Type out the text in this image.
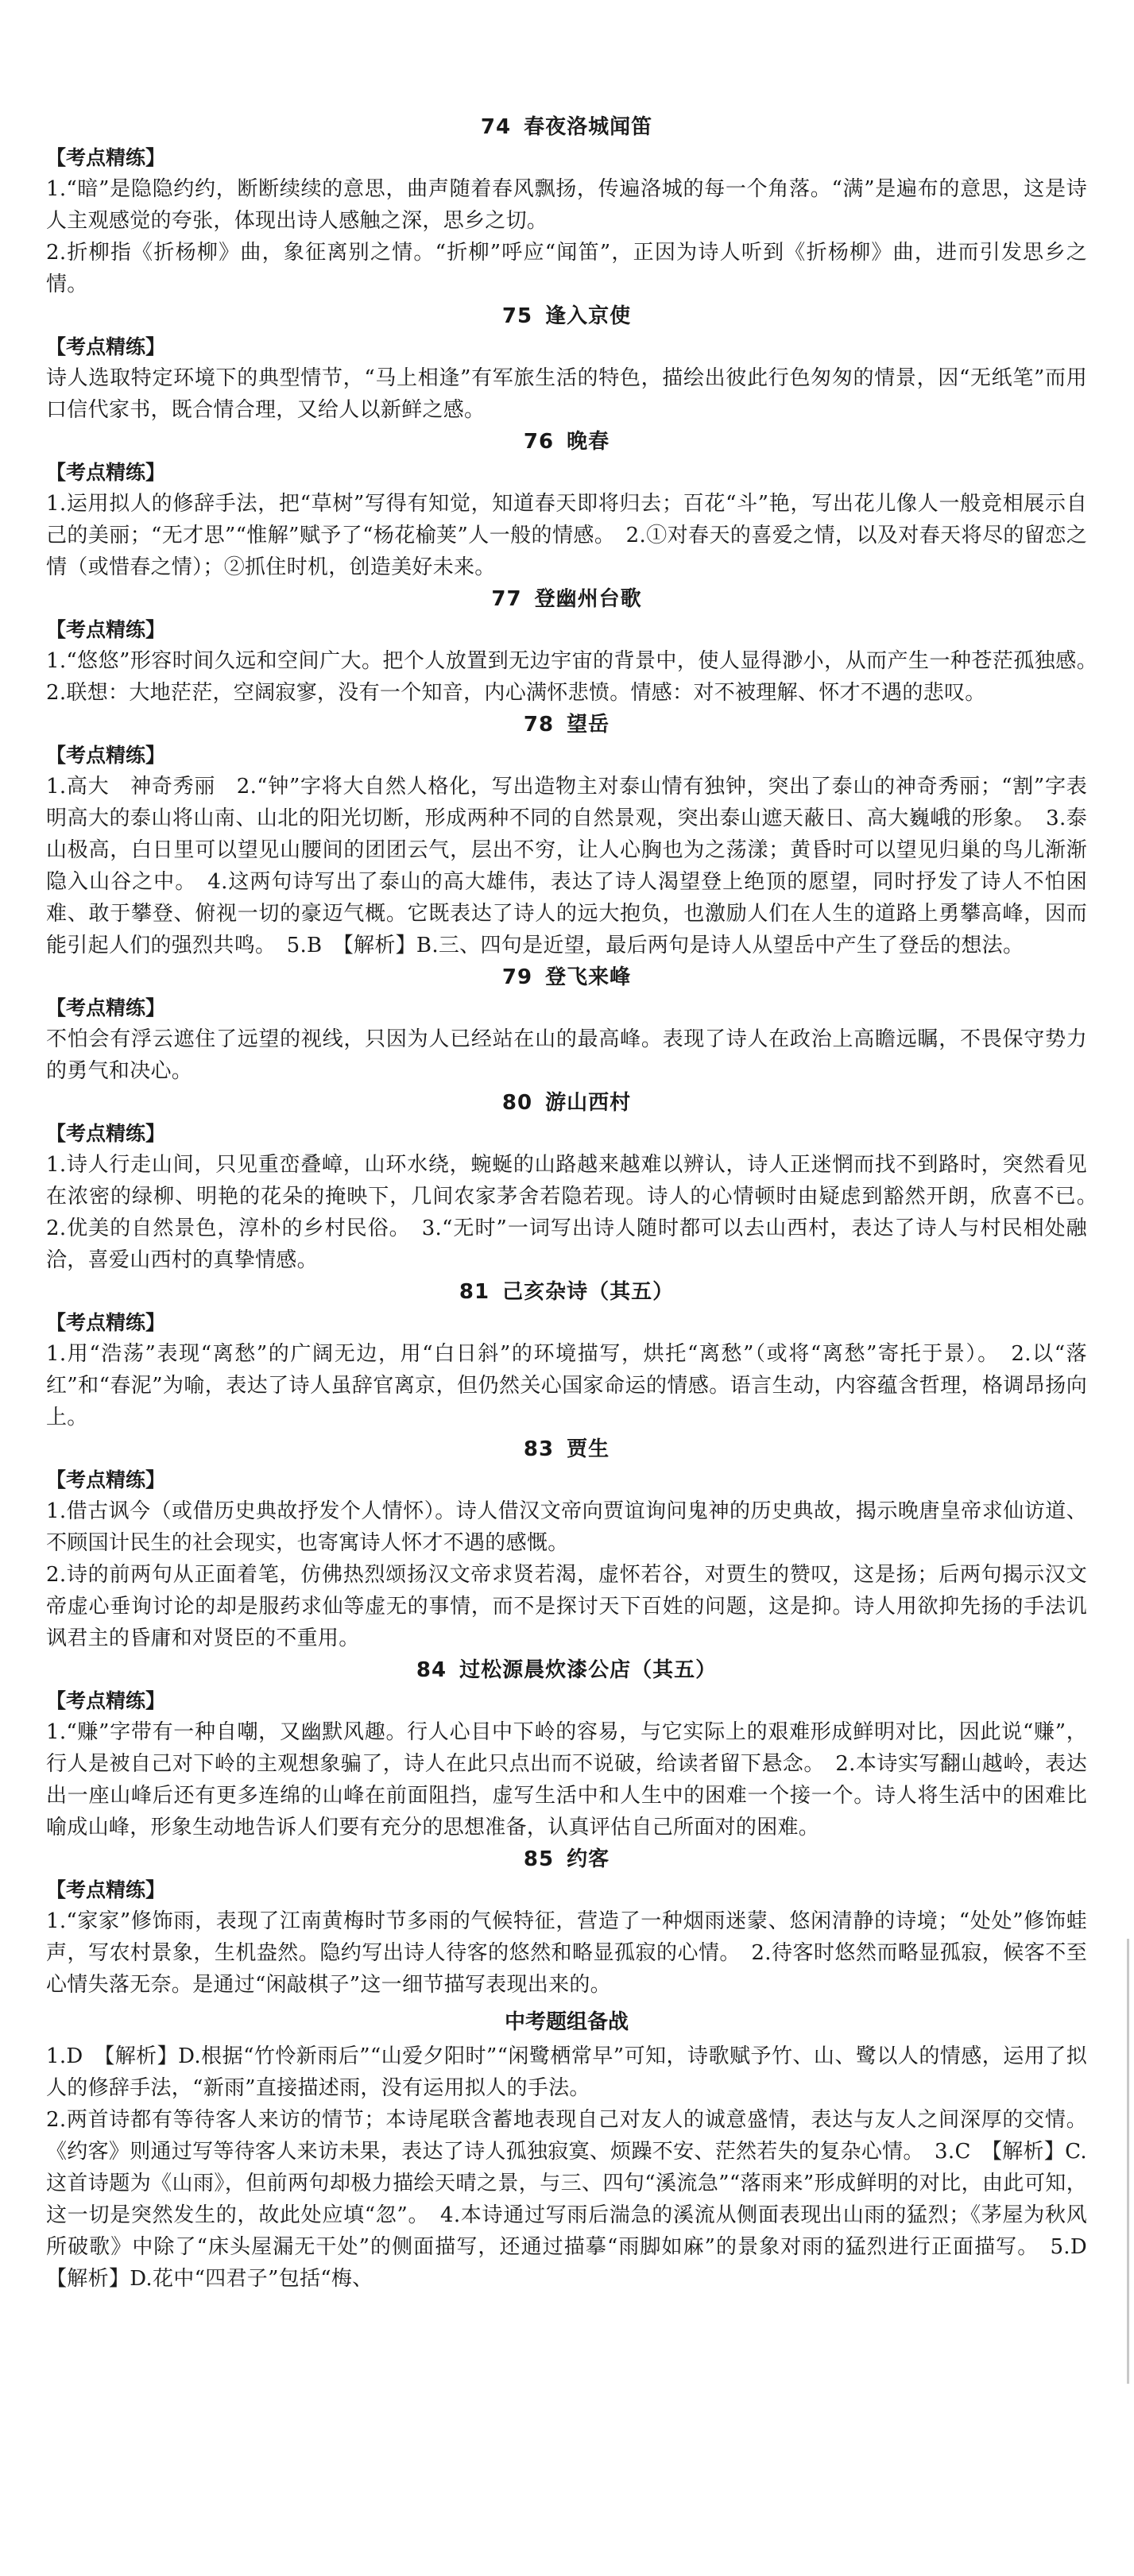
74 春夜洛城闻笛
【考点精练】

1.“暗”是隐隐约约，断断续续的意思，曲声随着春风飘扬，传遍洛城的每一个角落。“满”是遍布的意思，这是诗人主观感觉的夸张，体现出诗人感触之深，思乡之切。

2.折柳指《折杨柳》曲，象征离别之情。“折柳”呼应“闻笛”，正因为诗人听到《折杨柳》曲，进而引发思乡之情。

75 逢入京使
【考点精练】

诗人选取特定环境下的典型情节，“马上相逢”有军旅生活的特色，描绘出彼此行色匆匆的情景，因“无纸笔”而用口信代家书，既合情合理，又给人以新鲜之感。

76 晚春
【考点精练】

1.运用拟人的修辞手法，把“草树”写得有知觉，知道春天即将归去；百花“斗”艳，写出花儿像人一般竞相展示自己的美丽；“无才思”“惟解”赋予了“杨花榆荚”人一般的情感。　2.①对春天的喜爱之情，以及对春天将尽的留恋之情（或惜春之情）；②抓住时机，创造美好未来。

77 登幽州台歌
【考点精练】

1.“悠悠”形容时间久远和空间广大。把个人放置到无边宇宙的背景中，使人显得渺小，从而产生一种苍茫孤独感。　2.联想：大地茫茫，空阔寂寥，没有一个知音，内心满怀悲愤。情感：对不被理解、怀才不遇的悲叹。

78 望岳
【考点精练】

1.高大　神奇秀丽　2.“钟”字将大自然人格化，写出造物主对泰山情有独钟，突出了泰山的神奇秀丽；“割”字表明高大的泰山将山南、山北的阳光切断，形成两种不同的自然景观，突出泰山遮天蔽日、高大巍峨的形象。　3.泰山极高，白日里可以望见山腰间的团团云气，层出不穷，让人心胸也为之荡漾；黄昏时可以望见归巢的鸟儿渐渐隐入山谷之中。　4.这两句诗写出了泰山的高大雄伟，表达了诗人渴望登上绝顶的愿望，同时抒发了诗人不怕困难、敢于攀登、俯视一切的豪迈气概。它既表达了诗人的远大抱负，也激励人们在人生的道路上勇攀高峰，因而能引起人们的强烈共鸣。　5.B　【解析】B.三、四句是近望，最后两句是诗人从望岳中产生了登岳的想法。

79 登飞来峰
【考点精练】

不怕会有浮云遮住了远望的视线，只因为人已经站在山的最高峰。表现了诗人在政治上高瞻远瞩，不畏保守势力的勇气和决心。

80 游山西村
【考点精练】

1.诗人行走山间，只见重峦叠嶂，山环水绕，蜿蜒的山路越来越难以辨认，诗人正迷惘而找不到路时，突然看见在浓密的绿柳、明艳的花朵的掩映下，几间农家茅舍若隐若现。诗人的心情顿时由疑虑到豁然开朗，欣喜不已。　2.优美的自然景色，淳朴的乡村民俗。　3.“无时”一词写出诗人随时都可以去山西村，表达了诗人与村民相处融洽，喜爱山西村的真挚情感。

81 己亥杂诗（其五）
【考点精练】

1.用“浩荡”表现“离愁”的广阔无边，用“白日斜”的环境描写，烘托“离愁”（或将“离愁”寄托于景）。　2.以“落红”和“春泥”为喻，表达了诗人虽辞官离京，但仍然关心国家命运的情感。语言生动，内容蕴含哲理，格调昂扬向上。

83 贾生
【考点精练】

1.借古讽今（或借历史典故抒发个人情怀）。诗人借汉文帝向贾谊询问鬼神的历史典故，揭示晚唐皇帝求仙访道、不顾国计民生的社会现实，也寄寓诗人怀才不遇的感慨。

2.诗的前两句从正面着笔，仿佛热烈颂扬汉文帝求贤若渴，虚怀若谷，对贾生的赞叹，这是扬；后两句揭示汉文帝虚心垂询讨论的却是服药求仙等虚无的事情，而不是探讨天下百姓的问题，这是抑。诗人用欲抑先扬的手法讥讽君主的昏庸和对贤臣的不重用。

84 过松源晨炊漆公店（其五）
【考点精练】

1.“赚”字带有一种自嘲，又幽默风趣。行人心目中下岭的容易，与它实际上的艰难形成鲜明对比，因此说“赚”，行人是被自己对下岭的主观想象骗了，诗人在此只点出而不说破，给读者留下悬念。　2.本诗实写翻山越岭，表达出一座山峰后还有更多连绵的山峰在前面阻挡，虚写生活中和人生中的困难一个接一个。诗人将生活中的困难比喻成山峰，形象生动地告诉人们要有充分的思想准备，认真评估自己所面对的困难。

85 约客
【考点精练】

1.“家家”修饰雨，表现了江南黄梅时节多雨的气候特征，营造了一种烟雨迷蒙、悠闲清静的诗境；“处处”修饰蛙声，写农村景象，生机盎然。隐约写出诗人待客的悠然和略显孤寂的心情。　2.待客时悠然而略显孤寂，候客不至心情失落无奈。是通过“闲敲棋子”这一细节描写表现出来的。

中考题组备战

1.D　【解析】D.根据“竹怜新雨后”“山爱夕阳时”“闲鹭栖常早”可知，诗歌赋予竹、山、鹭以人的情感，运用了拟人的修辞手法，“新雨”直接描述雨，没有运用拟人的手法。

2.两首诗都有等待客人来访的情节；本诗尾联含蓄地表现自己对友人的诚意盛情，表达与友人之间深厚的交情。《约客》则通过写等待客人来访未果，表达了诗人孤独寂寞、烦躁不安、茫然若失的复杂心情。　3.C　【解析】C.这首诗题为《山雨》，但前两句却极力描绘天晴之景，与三、四句“溪流急”“落雨来”形成鲜明的对比，由此可知，这一切是突然发生的，故此处应填“忽”。　4.本诗通过写雨后湍急的溪流从侧面表现出山雨的猛烈；《茅屋为秋风所破歌》中除了“床头屋漏无干处”的侧面描写，还通过描摹“雨脚如麻”的景象对雨的猛烈进行正面描写。　5.D　【解析】D.花中“四君子”包括“梅、
